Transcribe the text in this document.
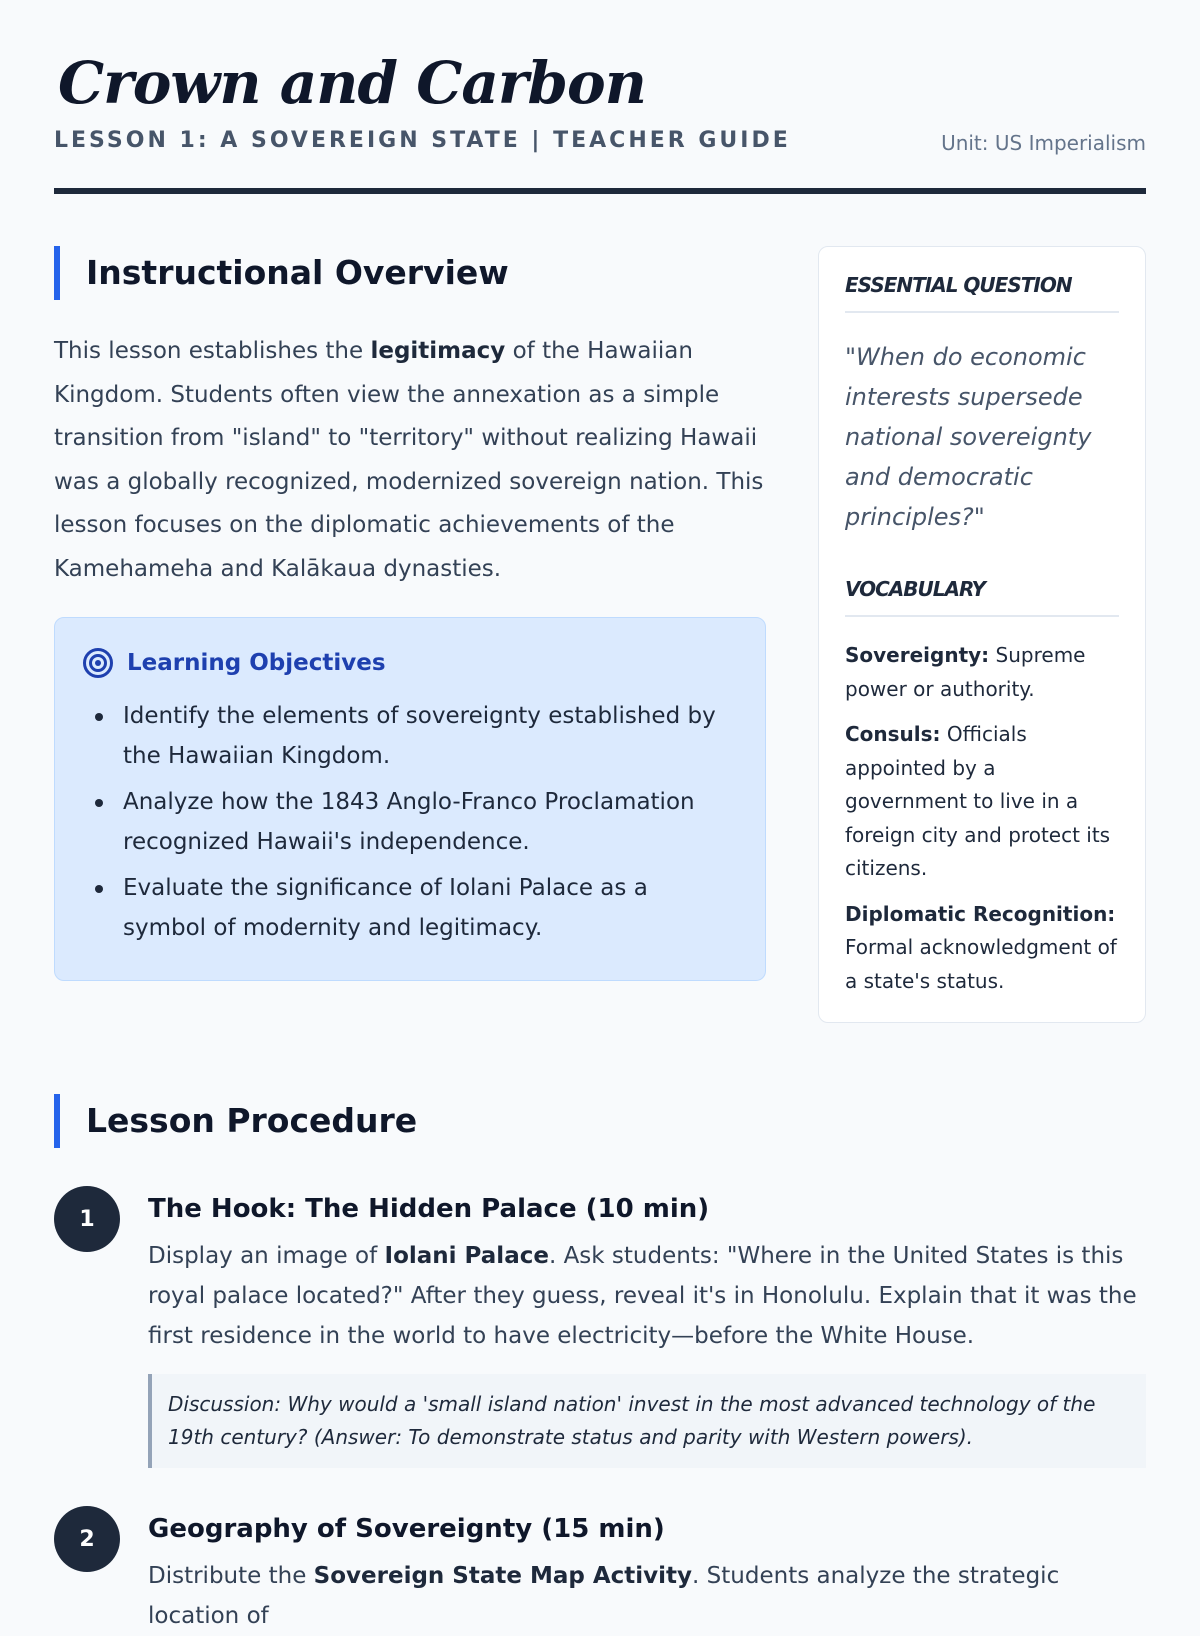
Crown and Carbon
LESSON 1: A SOVEREIGN STATE | TEACHER GUIDE	Unit: US Imperialism
Instructional Overview

This lesson establishes the legitimacy of the Hawaiian Kingdom. Students often view the annexation as a simple transition from "island" to "territory" without realizing Hawaii was a globally recognized, modernized sovereign nation. This lesson focuses on the diplomatic achievements of the Kamehameha and Kalākaua dynasties.

Learning Objectives
Identify the elements of sovereignty established by the Hawaiian Kingdom.
Analyze how the 1843 Anglo-Franco Proclamation recognized Hawaii's independence.
Evaluate the significance of Iolani Palace as a symbol of modernity and legitimacy.
ESSENTIAL QUESTION
"When do economic interests supersede national sovereignty and democratic principles?"
VOCABULARY
Sovereignty: Supreme power or authority.
Consuls: Officials appointed by a government to live in a foreign city and protect its citizens.
Diplomatic Recognition:
Formal acknowledgment of a state's status.
Lesson Procedure
1	The Hook: The Hidden Palace (10 min)

Display an image of Iolani Palace. Ask students: "Where in the United States is this royal palace located?" After they guess, reveal it's in Honolulu. Explain that it was the first residence in the world to have electricity—before the White House.

Discussion: Why would a 'small island nation' invest in the most advanced technology of the 19th century? (Answer: To demonstrate status and parity with Western powers).
2	Geography of Sovereignty (15 min)

Distribute the Sovereign State Map Activity. Students analyze the strategic location of
